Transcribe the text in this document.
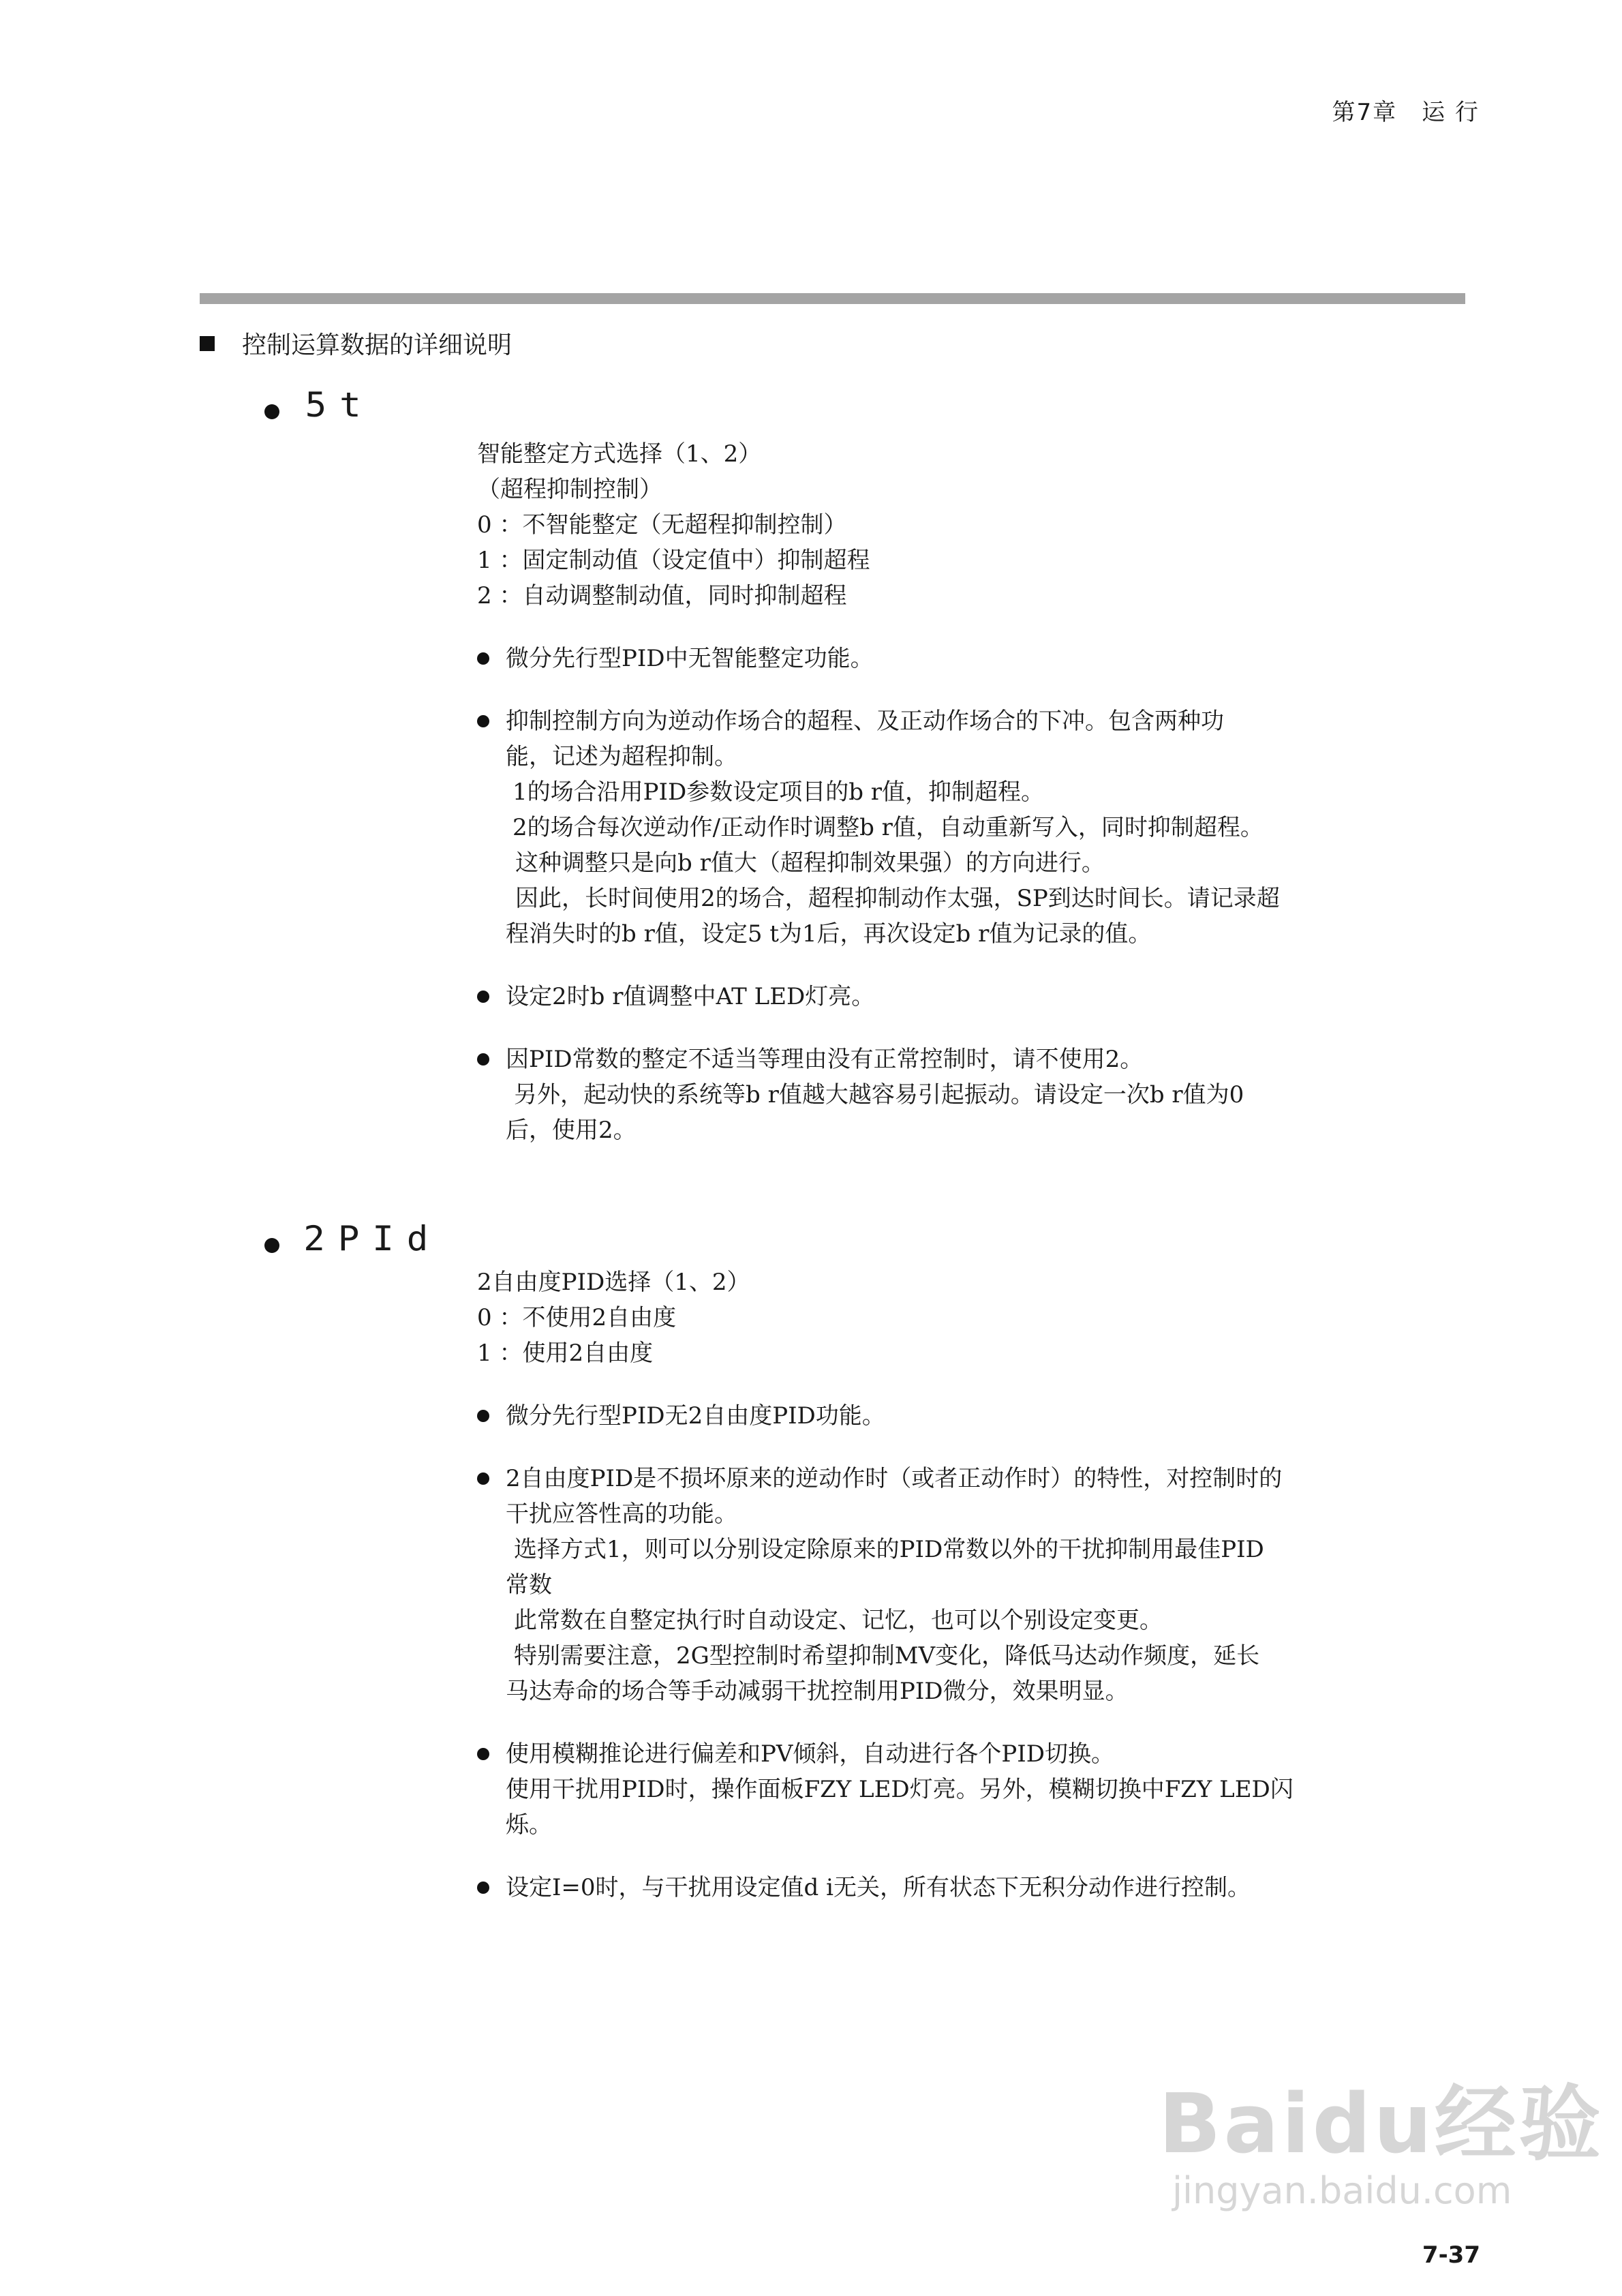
第7章　运 行
控制运算数据的详细说明
5t
智能整定方式选择（1、2）
（超程抑制控制）
0 ：不智能整定（无超程抑制控制）
1 ：固定制动值（设定值中）抑制超程
2 ：自动调整制动值，同时抑制超程
微分先行型PID中无智能整定功能。
抑制控制方向为逆动作场合的超程、及正动作场合的下冲。包含两种功
能，记述为超程抑制。
1的场合沿用PID参数设定项目的b r值，抑制超程。
2的场合每次逆动作/正动作时调整b r值，自动重新写入，同时抑制超程。
这种调整只是向b r值大（超程抑制效果强）的方向进行。
因此，长时间使用2的场合，超程抑制动作太强，SP到达时间长。请记录超
程消失时的b r值，设定5 t为1后，再次设定b r值为记录的值。
设定2时b r值调整中AT LED灯亮。
因PID常数的整定不适当等理由没有正常控制时，请不使用2。
另外，起动快的系统等b r值越大越容易引起振动。请设定一次b r值为0
后，使用2。
2PId
2自由度PID选择（1、2）
0 ：不使用2自由度
1 ：使用2自由度
微分先行型PID无2自由度PID功能。
2自由度PID是不损坏原来的逆动作时（或者正动作时）的特性，对控制时的
干扰应答性高的功能。
选择方式1，则可以分别设定除原来的PID常数以外的干扰抑制用最佳PID
常数
此常数在自整定执行时自动设定、记忆，也可以个别设定变更。
特别需要注意，2G型控制时希望抑制MV变化，降低马达动作频度，延长
马达寿命的场合等手动减弱干扰控制用PID微分，效果明显。
使用模糊推论进行偏差和PV倾斜，自动进行各个PID切换。
使用干扰用PID时，操作面板FZY LED灯亮。另外，模糊切换中FZY LED闪
烁。
设定I=0时，与干扰用设定值d i无关，所有状态下无积分动作进行控制。
Baidu经验
jingyan.baidu.com
7-37
